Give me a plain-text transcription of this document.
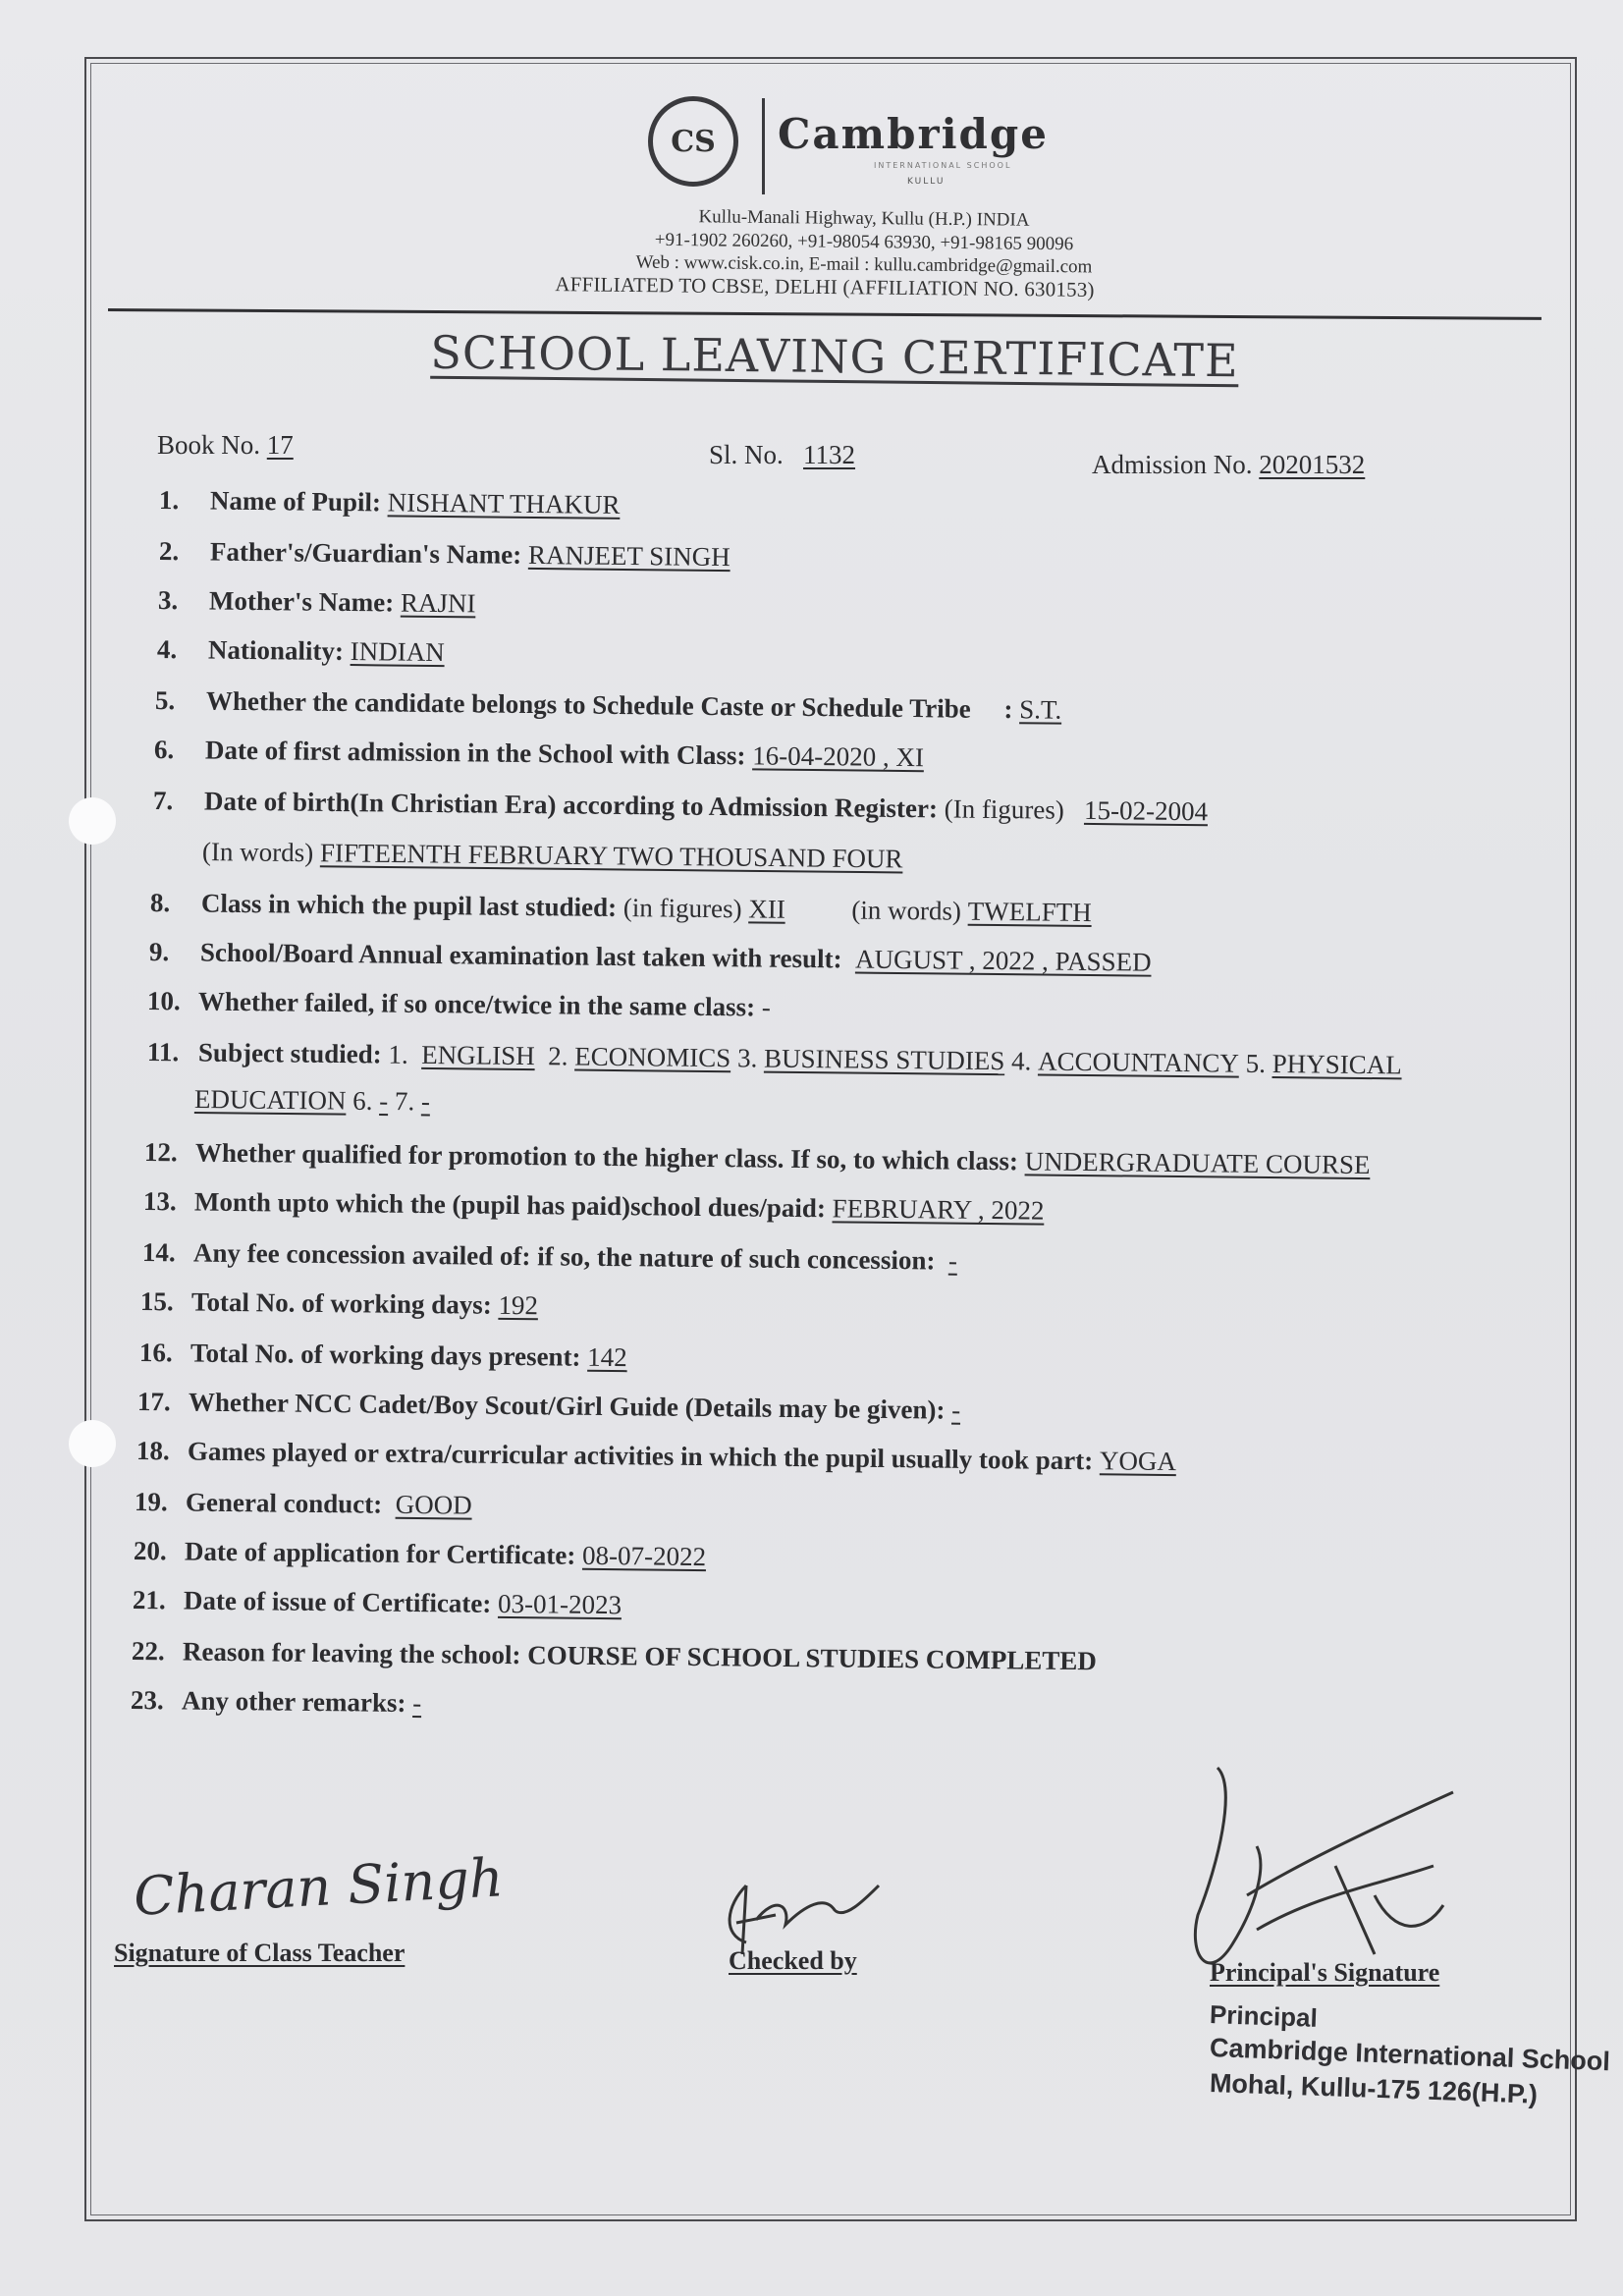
CS Cambridge
INTERNATIONAL SCHOOL
KULLU
Kullu-Manali Highway, Kullu (H.P.) INDIA
+91-1902 260260, +91-98054 63930, +91-98165 90096
Web : www.cisk.co.in, E-mail : kullu.cambridge@gmail.com
AFFILIATED TO CBSE, DELHI (AFFILIATION NO. 630153)
SCHOOL LEAVING CERTIFICATE
Book No. 17	Sl. No. 1132	Admission No. 20201532
1. Name of Pupil: NISHANT THAKUR
2. Father's/Guardian's Name: RANJEET SINGH
3. Mother's Name: RAJNI
4. Nationality: INDIAN
5. Whether the candidate belongs to Schedule Caste or Schedule Tribe : S.T.
6. Date of first admission in the School with Class: 16-04-2020 , XI
7. Date of birth(In Christian Era) according to Admission Register: (In figures) 15-02-2004
(In words) FIFTEENTH FEBRUARY TWO THOUSAND FOUR
8. Class in which the pupil last studied: (in figures) XII (in words) TWELFTH
9. School/Board Annual examination last taken with result: AUGUST , 2022 , PASSED
10. Whether failed, if so once/twice in the same class: -
11. Subject studied: 1. ENGLISH 2. ECONOMICS 3. BUSINESS STUDIES 4. ACCOUNTANCY 5. PHYSICAL
EDUCATION 6. - 7. -
12. Whether qualified for promotion to the higher class. If so, to which class: UNDERGRADUATE COURSE
13. Month upto which the (pupil has paid)school dues/paid: FEBRUARY , 2022
14. Any fee concession availed of: if so, the nature of such concession: -
15. Total No. of working days: 192
16. Total No. of working days present: 142
17. Whether NCC Cadet/Boy Scout/Girl Guide (Details may be given): -
18. Games played or extra/curricular activities in which the pupil usually took part: YOGA
19. General conduct: GOOD
20. Date of application for Certificate: 08-07-2022
21. Date of issue of Certificate: 03-01-2023
22. Reason for leaving the school: COURSE OF SCHOOL STUDIES COMPLETED
23. Any other remarks: -
Charan Singh
Signature of Class Teacher	Checked by	Principal's Signature
Principal
Cambridge International School
Mohal, Kullu-175 126(H.P.)
